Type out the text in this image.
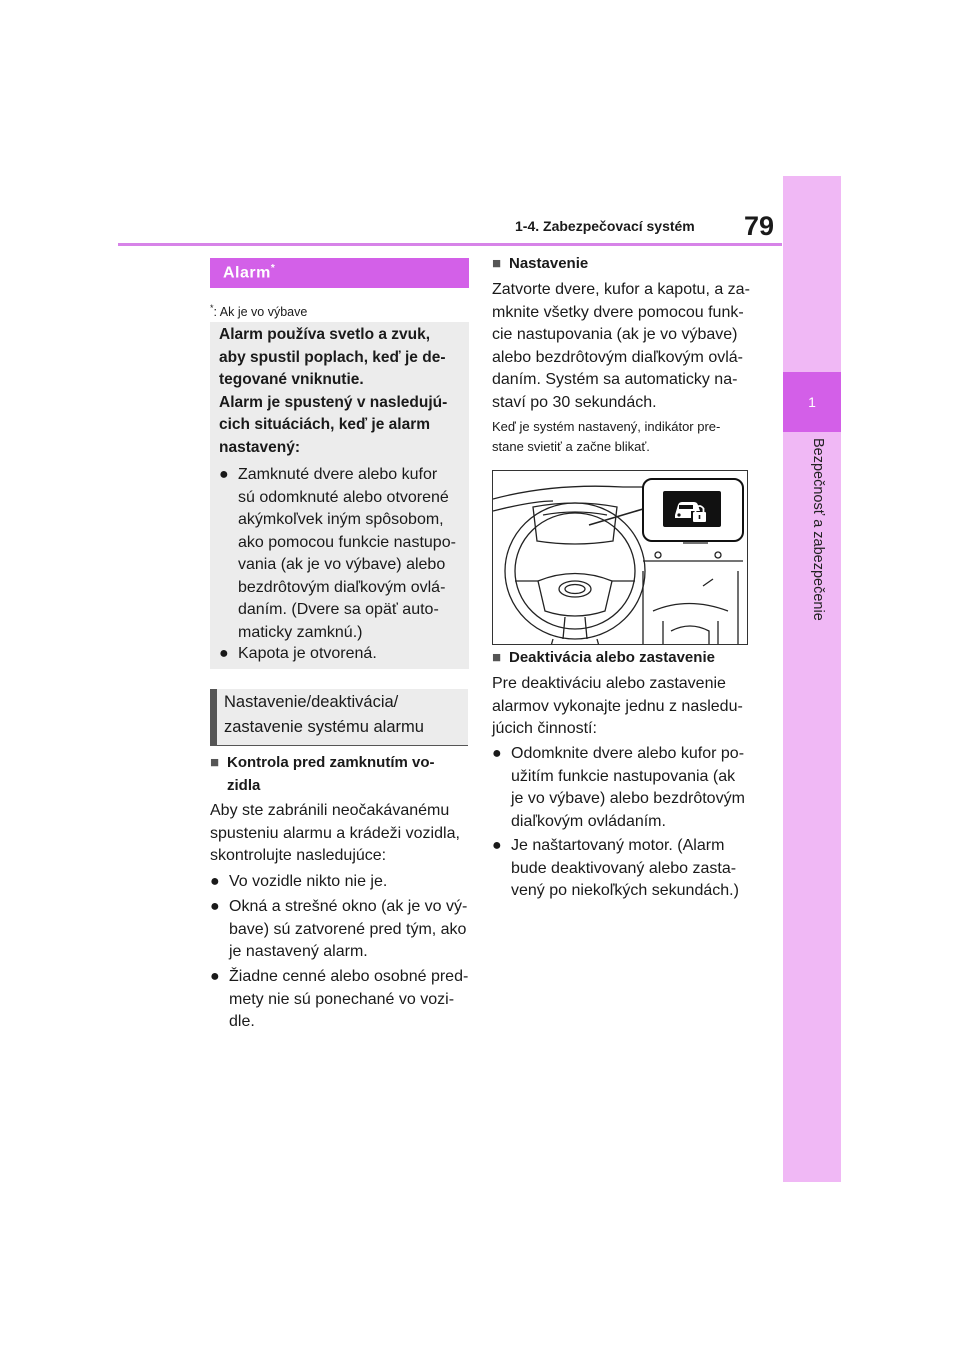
1-4. Zabezpečovací systém 79
1
Bezpečnosť a zabezpečenie
Alarm*
*: Ak je vo výbave
Alarm používa svetlo a zvuk,
aby spustil poplach, keď je de-
tegované vniknutie.
Alarm je spustený v nasledujú-
cich situáciách, keď je alarm
nastavený:
● Zamknuté dvere alebo kufor
sú odomknuté alebo otvorené
akýmkoľvek iným spôsobom,
ako pomocou funkcie nastupo-
vania (ak je vo výbave) alebo
bezdrôtovým diaľkovým ovlá-
daním. (Dvere sa opäť auto-
maticky zamknú.)
● Kapota je otvorená.
Nastavenie/deaktivácia/
zastavenie systému alarmu
■ Kontrola pred zamknutím vo-
zidla
Aby ste zabránili neočakávanému
spusteniu alarmu a krádeži vozidla,
skontrolujte nasledujúce:
● Vo vozidle nikto nie je.
● Okná a strešné okno (ak je vo vý-
bave) sú zatvorené pred tým, ako
je nastavený alarm.
● Žiadne cenné alebo osobné pred-
mety nie sú ponechané vo vozi-
dle.
■ Nastavenie
Zatvorte dvere, kufor a kapotu, a za-
mknite všetky dvere pomocou funk-
cie nastupovania (ak je vo výbave)
alebo bezdrôtovým diaľkovým ovlá-
daním. Systém sa automaticky na-
staví po 30 sekundách.
Keď je systém nastavený, indikátor pre-
stane svietiť a začne blikať.
■ Deaktivácia alebo zastavenie
Pre deaktiváciu alebo zastavenie
alarmov vykonajte jednu z nasledu-
júcich činností:
● Odomknite dvere alebo kufor po-
užitím funkcie nastupovania (ak
je vo výbave) alebo bezdrôtovým
diaľkovým ovládaním.
● Je naštartovaný motor. (Alarm
bude deaktivovaný alebo zasta-
vený po niekoľkých sekundách.)
